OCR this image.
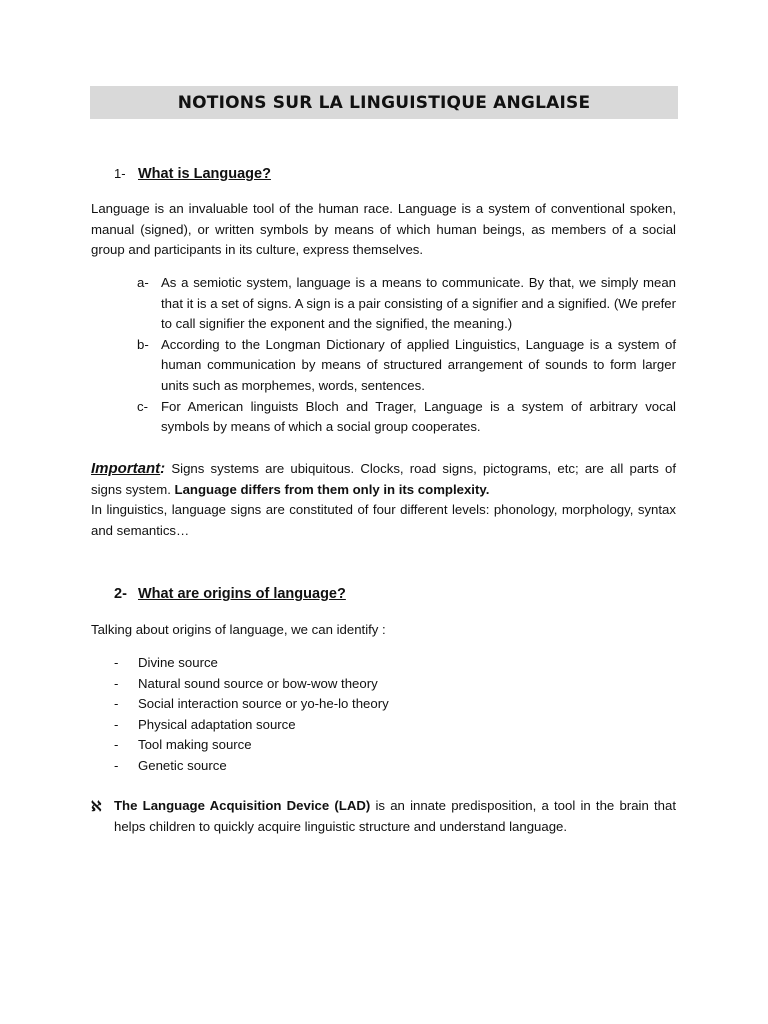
NOTIONS SUR LA LINGUISTIQUE ANGLAISE
1- What is Language?
Language is an invaluable tool of the human race. Language is a system of conventional spoken, manual (signed), or written symbols by means of which human beings, as members of a social group and participants in its culture, express themselves.
a- As a semiotic system, language is a means to communicate. By that, we simply mean that it is a set of signs. A sign is a pair consisting of a signifier and a signified. (We prefer to call signifier the exponent and the signified, the meaning.)
b- According to the Longman Dictionary of applied Linguistics, Language is a system of human communication by means of structured arrangement of sounds to form larger units such as morphemes, words, sentences.
c- For American linguists Bloch and Trager, Language is a system of arbitrary vocal symbols by means of which a social group cooperates.
Important: Signs systems are ubiquitous. Clocks, road signs, pictograms, etc; are all parts of signs system. Language differs from them only in its complexity.
In linguistics, language signs are constituted of four different levels: phonology, morphology, syntax and semantics…
2- What are origins of language?
Talking about origins of language, we can identify :
-	Divine source
-	Natural sound source or bow-wow theory
-	Social interaction source or yo-he-lo theory
-	Physical adaptation source
-	Tool making source
-	Genetic source
ℵ The Language Acquisition Device (LAD) is an innate predisposition, a tool in the brain that helps children to quickly acquire linguistic structure and understand language.
